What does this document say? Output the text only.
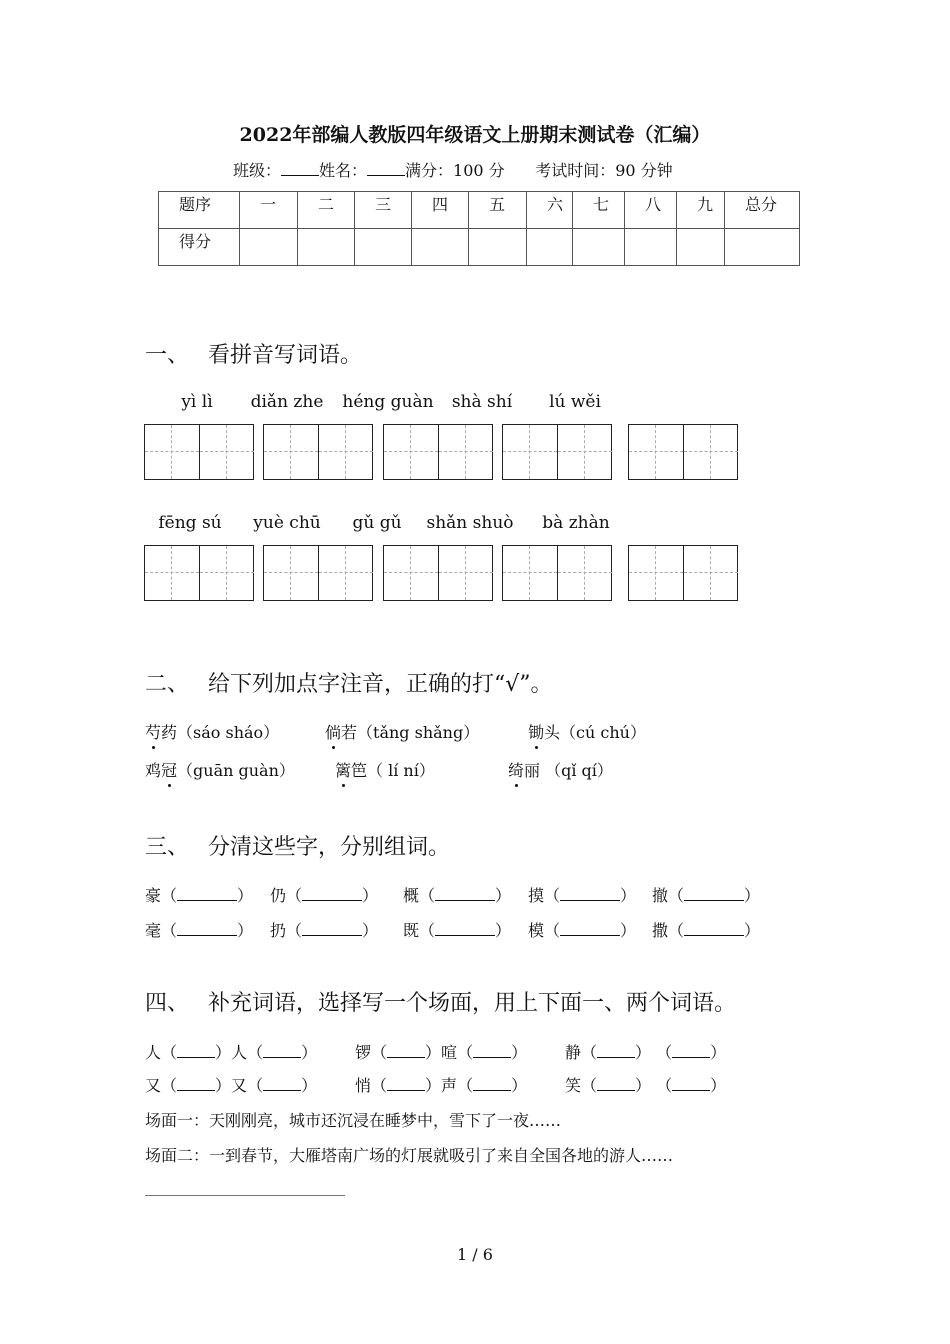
2022年部编人教版四年级语文上册期末测试卷（汇编）
班级： 姓名： 满分：100 分 考试时间：90 分钟
题序	一	二	三	四	五	六	七	八	九	总分
得分										
一、 看拼音写词语。
yì lì	diǎn zhe	héng guàn	shà shí	lú wěi
fēng sú	yuè chū	gǔ gǔ	shǎn shuò	bà zhàn
二、 给下列加点字注音，正确的打“√”。
芍药（sáo sháo）	倘若（tǎng shǎng）	锄头（cú chú）
鸡冠（guān guàn）	篱笆（ lí ní）	绮丽 （qǐ qí）
三、 分清这些字，分别组词。
豪（	） 仍（	） 概（	） 摸（	） 撤（	）
毫（	） 扔（	） 既（	） 模（	） 撒（	）
四、 补充词语，选择写一个场面，用上下面一、两个词语。
人（ ）人（ ） 锣（ ）喧（ ） 静（ ） （ ）
又（ ）又（ ） 悄（ ）声（ ） 笑（ ） （ ）
场面一：天刚刚亮，城市还沉浸在睡梦中，雪下了一夜……
场面二：一到春节，大雁塔南广场的灯展就吸引了来自全国各地的游人……
1 / 6
